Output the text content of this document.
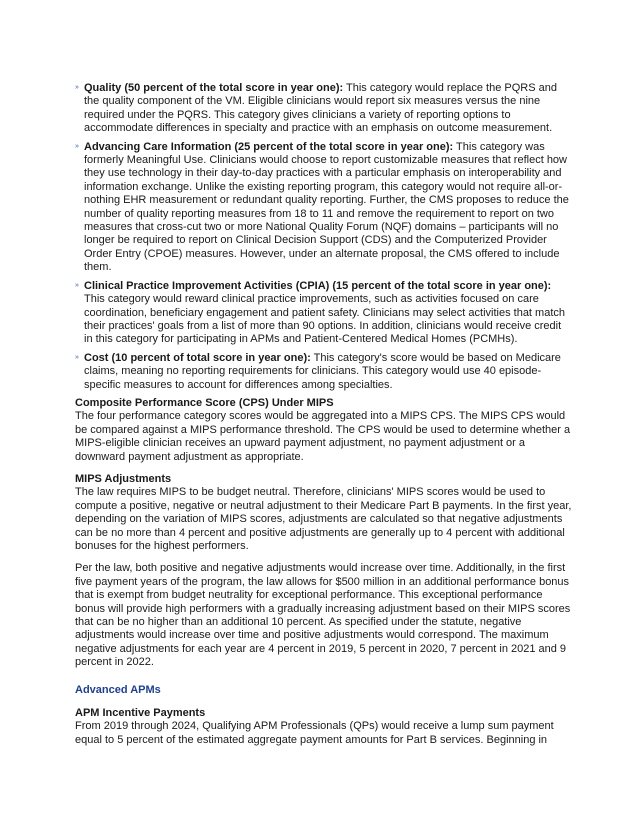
» Quality (50 percent of the total score in year one): This category would replace the PQRS and the quality component of the VM. Eligible clinicians would report six measures versus the nine required under the PQRS. This category gives clinicians a variety of reporting options to accommodate differences in specialty and practice with an emphasis on outcome measurement.
» Advancing Care Information (25 percent of the total score in year one): This category was formerly Meaningful Use. Clinicians would choose to report customizable measures that reflect how they use technology in their day-to-day practices with a particular emphasis on interoperability and information exchange. Unlike the existing reporting program, this category would not require all-or-nothing EHR measurement or redundant quality reporting. Further, the CMS proposes to reduce the number of quality reporting measures from 18 to 11 and remove the requirement to report on two measures that cross-cut two or more National Quality Forum (NQF) domains – participants will no longer be required to report on Clinical Decision Support (CDS) and the Computerized Provider Order Entry (CPOE) measures. However, under an alternate proposal, the CMS offered to include them.
» Clinical Practice Improvement Activities (CPIA) (15 percent of the total score in year one): This category would reward clinical practice improvements, such as activities focused on care coordination, beneficiary engagement and patient safety. Clinicians may select activities that match their practices' goals from a list of more than 90 options. In addition, clinicians would receive credit in this category for participating in APMs and Patient-Centered Medical Homes (PCMHs).
» Cost (10 percent of total score in year one): This category's score would be based on Medicare claims, meaning no reporting requirements for clinicians. This category would use 40 episode-specific measures to account for differences among specialties.
Composite Performance Score (CPS) Under MIPS

The four performance category scores would be aggregated into a MIPS CPS. The MIPS CPS would be compared against a MIPS performance threshold. The CPS would be used to determine whether a MIPS-eligible clinician receives an upward payment adjustment, no payment adjustment or a downward payment adjustment as appropriate.

MIPS Adjustments

The law requires MIPS to be budget neutral. Therefore, clinicians' MIPS scores would be used to compute a positive, negative or neutral adjustment to their Medicare Part B payments. In the first year, depending on the variation of MIPS scores, adjustments are calculated so that negative adjustments can be no more than 4 percent and positive adjustments are generally up to 4 percent with additional bonuses for the highest performers.

Per the law, both positive and negative adjustments would increase over time. Additionally, in the first five payment years of the program, the law allows for $500 million in an additional performance bonus that is exempt from budget neutrality for exceptional performance. This exceptional performance bonus will provide high performers with a gradually increasing adjustment based on their MIPS scores that can be no higher than an additional 10 percent. As specified under the statute, negative adjustments would increase over time and positive adjustments would correspond. The maximum negative adjustments for each year are 4 percent in 2019, 5 percent in 2020, 7 percent in 2021 and 9 percent in 2022.

Advanced APMs
APM Incentive Payments

From 2019 through 2024, Qualifying APM Professionals (QPs) would receive a lump sum payment equal to 5 percent of the estimated aggregate payment amounts for Part B services. Beginning in
